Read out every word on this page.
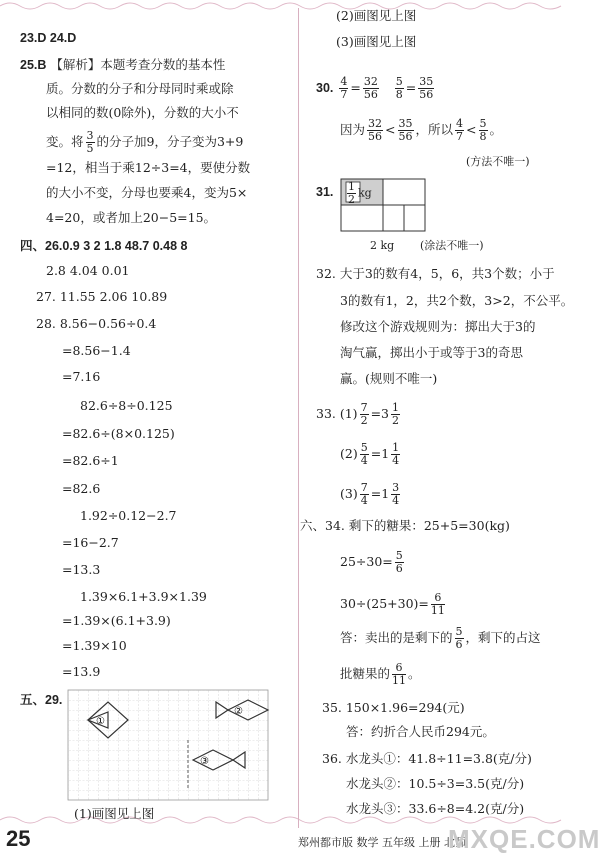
23.D 24.D
25.B 【解析】本题考查分数的基本性
质。分数的分子和分母同时乘或除
以相同的数(0除外)，分数的大小不
变。将 $\frac{3}{5}$ 的分子加9，分子变为3+9
=12，相当于乘12÷3=4，要使分数
的大小不变，分母也要乘4，变为5×
4=20，或者加上20−5=15。
四、26.0.9 3 2 1.8 48.7 0.48 8
2.8 4.04 0.01
27. 11.55 2.06 10.89
28. 8.56−0.56÷0.4
=8.56−1.4
=7.16
82.6÷8÷0.125
=82.6÷(8×0.125)
=82.6÷1
=82.6
1.92÷0.12−2.7
=16−2.7
=13.3
1.39×6.1+3.9×1.39
=1.39×(6.1+3.9)
=1.39×10
=13.9
五、29.
①
②
③
(1)画图见上图
(2)画图见上图
(3)画图见上图
30. $\frac{4}{7} = \frac{32}{56}$
$\frac{5}{8} = \frac{35}{56}$
因为 $\frac{32}{56} < \frac{35}{56}$ ，所以 $\frac{4}{7} < \frac{5}{8}$ 。
(方法不唯一)
31. $\frac{1}{2}$ kg
2 kg (涂法不唯一)
32. 大于3的数有4，5，6，共3个数；小于
3的数有1，2，共2个数，3>2，不公平。
修改这个游戏规则为：掷出大于3的
淘气赢，掷出小于或等于3的奇思
赢。(规则不唯一)
33. $(1) \frac{7}{2} =3 \frac{1}{2}$
$(2) \frac{5}{4} =1 \frac{1}{4}$
$(3) \frac{7}{4} =1 \frac{3}{4}$
六、34. 剩下的糖果：25+5=30(kg)
$25\div 30= \frac{5}{6}$
$30\div(25+30)= \frac{6}{11}$
答：卖出的是剩下的 $\frac{5}{6}$ ，剩下的占这
批糖果的 $\frac{6}{11}$ 。
35. 150×1.96=294(元)
答：约折合人民币294元。
36. 水龙头①：41.8÷11=3.8(克/分)
水龙头②：10.5÷3=3.5(克/分)
水龙头③：33.6÷8=4.2(克/分)
25	郑州都市版 数学 五年级 上册 北师
MXQE.COM
